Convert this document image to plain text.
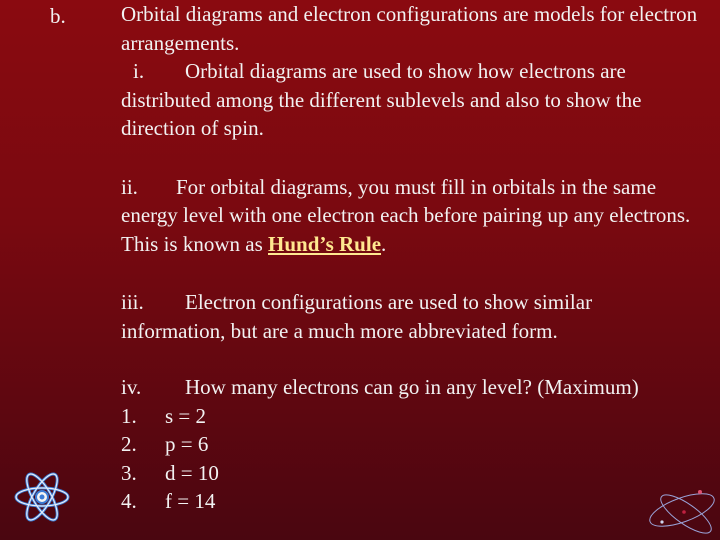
b.	Orbital diagrams and electron configurations are models for electron arrangements.

i. Orbital diagrams are used to show how electrons are distributed among the different sublevels and also to show the direction of spin.

ii. For orbital diagrams, you must fill in orbitals in the same energy level with one electron each before pairing up any electrons. This is known as Hund’s Rule.

iii. Electron configurations are used to show similar information, but are a much more abbreviated form.

iv. How many electrons can go in any level? (Maximum)

1. s = 2

2. p = 6

3. d = 10

4. f = 14
